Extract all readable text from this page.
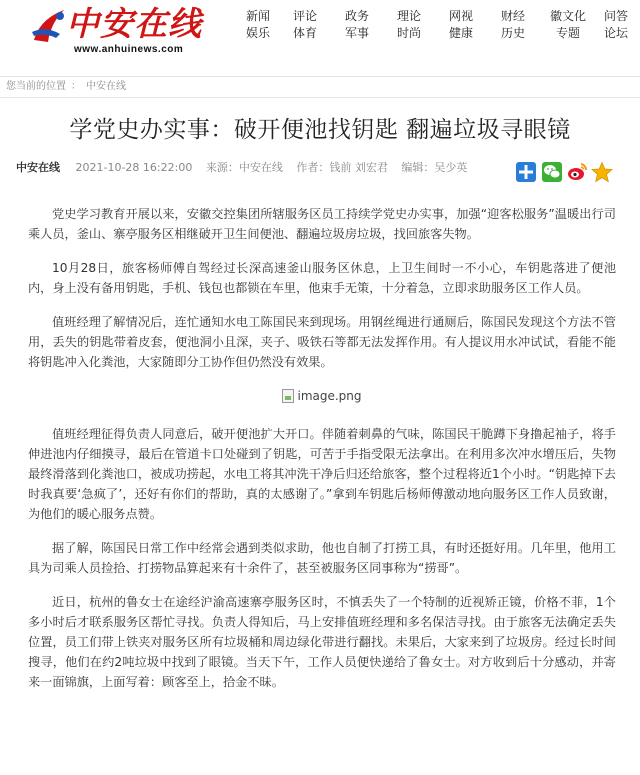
中安在线
www.anhuinews.com
新闻
娱乐
评论
体育
政务
军事
理论
时尚
网视
健康
财经
历史
徽文化
专题
问答
论坛
您当前的位置 ： 中安在线
学党史办实事：破开便池找钥匙 翻遍垃圾寻眼镜
中安在线 2021-10-28 16:22:00 来源：中安在线 作者：钱前 刘宏君 编辑：吴少英

党史学习教育开展以来，安徽交控集团所辖服务区员工持续学党史办实事，加强“迎客松服务”温暖出行司乘人员，釜山、寨亭服务区相继破开卫生间便池、翻遍垃圾房垃圾，找回旅客失物。

10月28日，旅客杨师傅自驾经过长深高速釜山服务区休息，上卫生间时一不小心，车钥匙落进了便池内，身上没有备用钥匙，手机、钱包也都锁在车里，他束手无策，十分着急，立即求助服务区工作人员。

值班经理了解情况后，连忙通知水电工陈国民来到现场。用钢丝绳进行通厕后，陈国民发现这个方法不管用，丢失的钥匙带着皮套，便池洞小且深，夹子、吸铁石等都无法发挥作用。有人提议用水冲试试，看能不能将钥匙冲入化粪池，大家随即分工协作但仍然没有效果。

image.png

值班经理征得负责人同意后，破开便池扩大开口。伴随着刺鼻的气味，陈国民干脆蹲下身撸起袖子，将手伸进池内仔细摸寻，最后在管道卡口处碰到了钥匙，可苦于手指受限无法拿出。在利用多次冲水增压后，失物最终滑落到化粪池口，被成功捞起，水电工将其冲洗干净后归还给旅客，整个过程将近1个小时。“钥匙掉下去时我真要‘急疯了’，还好有你们的帮助，真的太感谢了。”拿到车钥匙后杨师傅激动地向服务区工作人员致谢，为他们的暖心服务点赞。

据了解，陈国民日常工作中经常会遇到类似求助，他也自制了打捞工具，有时还挺好用。几年里，他用工具为司乘人员捡拾、打捞物品算起来有十余件了，甚至被服务区同事称为“捞哥”。

近日，杭州的鲁女士在途经沪渝高速寨亭服务区时，不慎丢失了一个特制的近视矫正镜，价格不菲，1个多小时后才联系服务区帮忙寻找。负责人得知后，马上安排值班经理和多名保洁寻找。由于旅客无法确定丢失位置，员工们带上铁夹对服务区所有垃圾桶和周边绿化带进行翻找。未果后，大家来到了垃圾房。经过长时间搜寻，他们在约2吨垃圾中找到了眼镜。当天下午，工作人员便快递给了鲁女士。对方收到后十分感动，并寄来一面锦旗，上面写着：顾客至上，拾金不昧。
